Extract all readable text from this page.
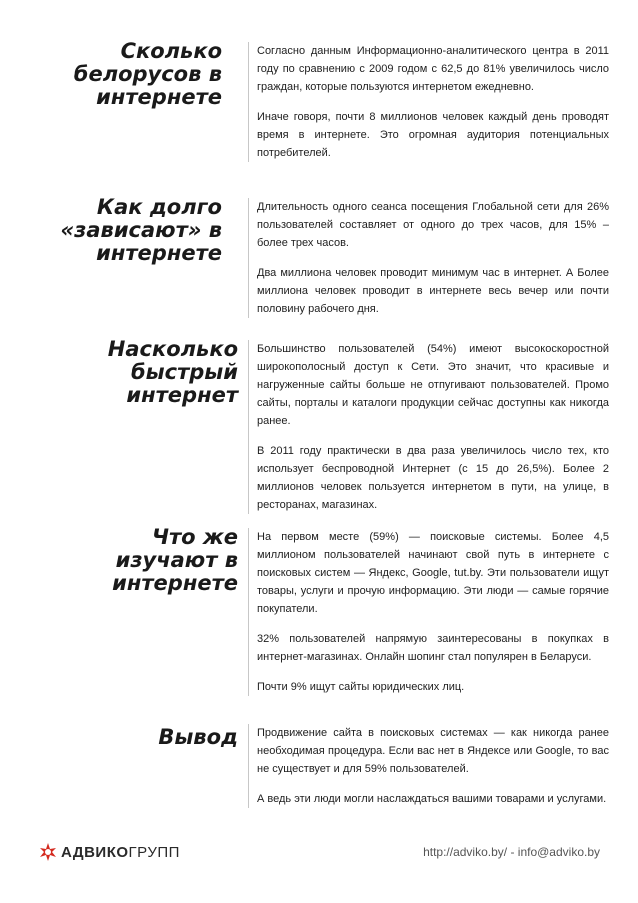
Сколько
белорусов в
интернете

Согласно данным Информационно-аналитического центра в 2011 году по сравнению с 2009 годом с 62,5 до 81% увеличилось число граждан, которые пользуются интернетом ежедневно.

Иначе говоря, почти 8 миллионов человек каждый день проводят время в интернете. Это огромная аудитория потенциальных потребителей.

Как долго
«зависают» в
интернете

Длительность одного сеанса посещения Глобальной сети для 26% пользователей составляет от одного до трех часов, для 15% – более трех часов.

Два миллиона человек проводит минимум час в интернет. А Более миллиона человек проводит в интернете весь вечер или почти половину рабочего дня.

Насколько
быстрый
интернет

Большинство пользователей (54%) имеют высокоскоростной широкополосный доступ к Сети. Это значит, что красивые и нагруженные сайты больше не отпугивают пользователей. Промо сайты, порталы и каталоги продукции сейчас доступны как никогда ранее.

В 2011 году практически в два раза увеличилось число тех, кто использует беспроводной Интернет (с 15 до 26,5%). Более 2 миллионов человек пользуется интернетом в пути, на улице, в ресторанах, магазинах.

Что же
изучают в
интернете

На первом месте (59%) — поисковые системы. Более 4,5 миллионом пользователей начинают свой путь в интернете с поисковых систем — Яндекс, Google, tut.by. Эти пользователи ищут товары, услуги и прочую информацию. Эти люди — самые горячие покупатели.

32% пользователей напрямую заинтересованы в покупках в интернет-магазинах. Онлайн шопинг стал популярен в Беларуси.

Почти 9% ищут сайты юридических лиц.

Вывод Продвижение сайта в поисковых системах — как никогда ранее необходимая процедура. Если вас нет в Яндексе или Google, то вас не существует и для 59% пользователей.

А ведь эти люди могли наслаждаться вашими товарами и услугами.

АДВИКОГРУПП	http://adviko.by/ - info@adviko.by
